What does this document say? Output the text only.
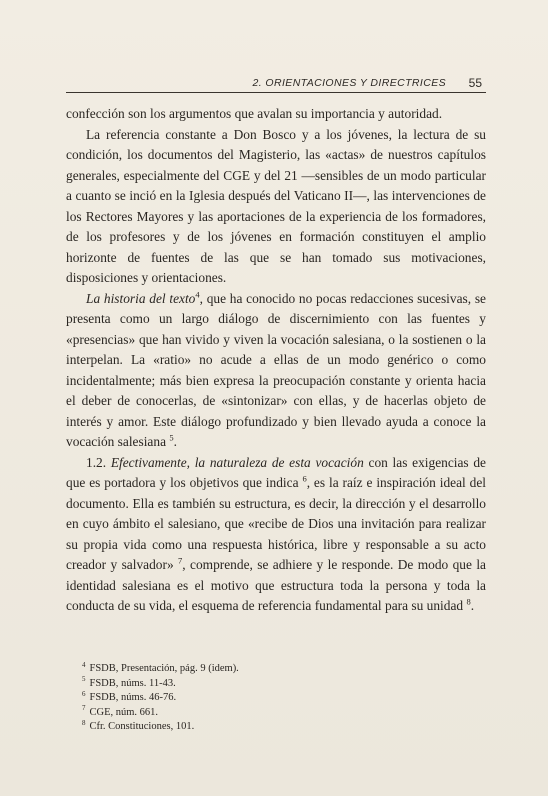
2. ORIENTACIONES Y DIRECTRICES 55

confección son los argumentos que avalan su importancia y autoridad.

La referencia constante a Don Bosco y a los jóvenes, la lectura de su condición, los documentos del Magisterio, las «actas» de nuestros capítulos generales, especialmente del CGE y del 21 —sensibles de un modo particular a cuanto se inció en la Iglesia después del Vaticano II—, las intervenciones de los Rectores Mayores y las aportaciones de la experiencia de los formadores, de los profesores y de los jóvenes en formación constituyen el amplio horizonte de fuentes de las que se han tomado sus motivaciones, disposiciones y orientaciones.

La historia del texto$^4$, que ha conocido no pocas redacciones sucesivas, se presenta como un largo diálogo de discernimiento con las fuentes y «presencias» que han vivido y viven la vocación salesiana, o la sostienen o la interpelan. La «ratio» no acude a ellas de un modo genérico o como incidentalmente; más bien expresa la preocupación constante y orienta hacia el deber de conocerlas, de «sintonizar» con ellas, y de hacerlas objeto de interés y amor. Este diálogo profundizado y bien llevado ayuda a conoce la vocación salesiana $^5$.

1.2. Efectivamente, la naturaleza de esta vocación con las exigencias de que es portadora y los objetivos que indica $^6$, es la raíz e inspiración ideal del documento. Ella es también su estructura, es decir, la dirección y el desarrollo en cuyo ámbito el salesiano, que «recibe de Dios una invitación para realizar su propia vida como una respuesta histórica, libre y responsable a su acto creador y salvador» $^7$, comprende, se adhiere y le responde. De modo que la identidad salesiana es el motivo que estructura toda la persona y toda la conducta de su vida, el esquema de referencia fundamental para su unidad $^8$.

$^4$ FSDB, Presentación, pág. 9 (idem).
$^5$ FSDB, núms. 11-43.
$^6$ FSDB, núms. 46-76.
$^7$ CGE, núm. 661.
$^8$ Cfr. Constituciones, 101.
